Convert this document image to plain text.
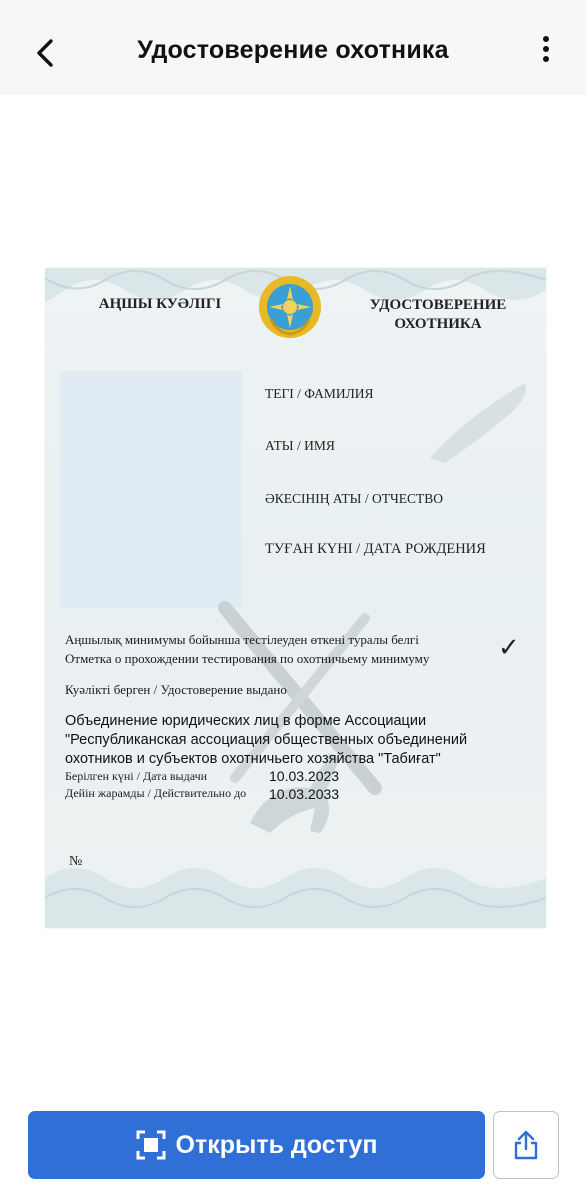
Удостоверение охотника
АҢШЫ КУӘЛІГІ	УДОСТОВЕРЕНИЕ ОХОТНИКА
ТЕГІ / ФАМИЛИЯ
АТЫ / ИМЯ
ӘКЕСІНІҢ АТЫ / ОТЧЕСТВО
ТУҒАН КҮНІ / ДАТА РОЖДЕНИЯ
Аңшылық минимумы бойынша тестілеуден өткені туралы белгі
Отметка о прохождении тестирования по охотничьему минимуму	✓
Куәлікті берген / Удостоверение выдано
Объединение юридических лиц в форме Ассоциации "Республиканская ассоциация общественных объединений охотников и субъектов охотничьего хозяйства "Табиғат"
Берілген күні / Дата выдачи	10.03.2023
Дейін жарамды / Действительно до 10.03.2033
№
Открыть доступ
